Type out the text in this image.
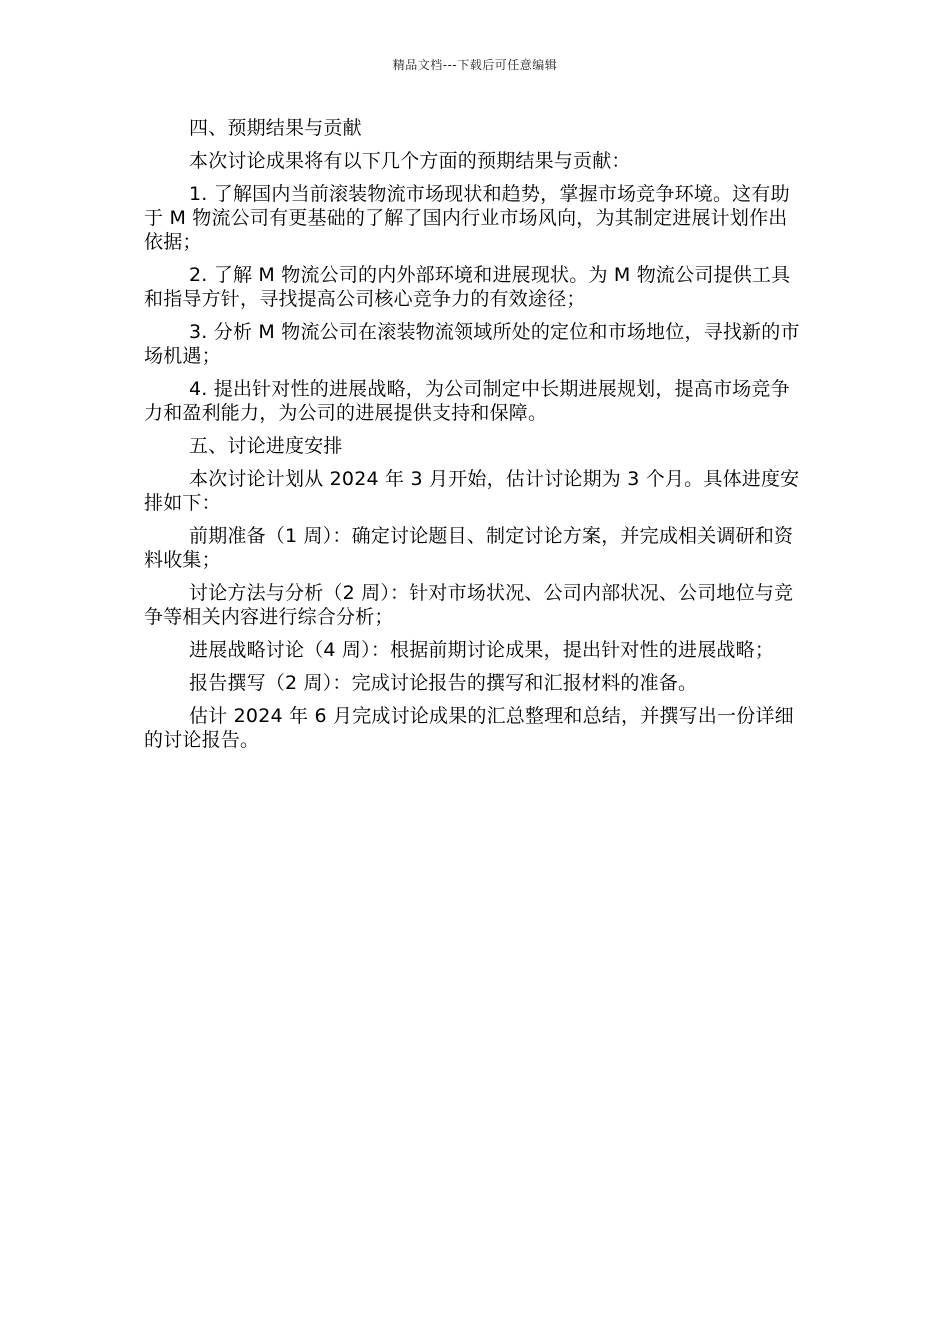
精品文档---下载后可任意编辑

四、预期结果与贡献

本次讨论成果将有以下几个方面的预期结果与贡献：

1. 了解国内当前滚装物流市场现状和趋势，掌握市场竞争环境。这有助于 M 物流公司有更基础的了解了国内行业市场风向，为其制定进展计划作出依据；

2. 了解 M 物流公司的内外部环境和进展现状。为 M 物流公司提供工具和指导方针，寻找提高公司核心竞争力的有效途径；

3. 分析 M 物流公司在滚装物流领域所处的定位和市场地位，寻找新的市场机遇；

4. 提出针对性的进展战略，为公司制定中长期进展规划，提高市场竞争力和盈利能力，为公司的进展提供支持和保障。

五、讨论进度安排

本次讨论计划从 2024 年 3 月开始，估计讨论期为 3 个月。具体进度安排如下：

前期准备（1 周）：确定讨论题目、制定讨论方案，并完成相关调研和资料收集；

讨论方法与分析（2 周）：针对市场状况、公司内部状况、公司地位与竞争等相关内容进行综合分析；

进展战略讨论（4 周）：根据前期讨论成果，提出针对性的进展战略；

报告撰写（2 周）：完成讨论报告的撰写和汇报材料的准备。

估计 2024 年 6 月完成讨论成果的汇总整理和总结，并撰写出一份详细的讨论报告。
